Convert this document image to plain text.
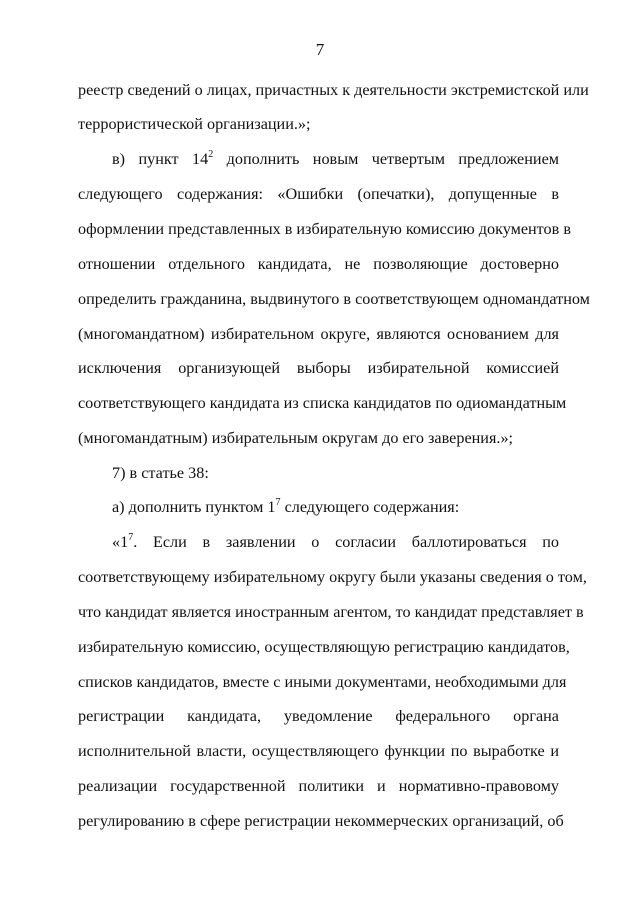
7
реестр сведений о лицах, причастных к деятельности экстремистской или
террористической организации.»;
в) пункт $14^2$ дополнить новым четвертым предложением
следующего содержания: «Ошибки (опечатки), допущенные в
оформлении представленных в избирательную комиссию документов в
отношении отдельного кандидата, не позволяющие достоверно
определить гражданина, выдвинутого в соответствующем одномандатном
(многомандатном) избирательном округе, являются основанием для
исключения организующей выборы избирательной комиссией
соответствующего кандидата из списка кандидатов по одиомандатным
(многомандатным) избирательным округам до его заверения.»;
7) в статье 38:
а) дополнить пунктом $1^7$ следующего содержания:
«$1^7$. Если в заявлении о согласии баллотироваться по
соответствующему избирательному округу были указаны сведения о том,
что кандидат является иностранным агентом, то кандидат представляет в
избирательную комиссию, осуществляющую регистрацию кандидатов,
списков кандидатов, вместе с иными документами, необходимыми для
регистрации кандидата, уведомление федерального органа
исполнительной власти, осуществляющего функции по выработке и
реализации государственной политики и нормативно-правовому
регулированию в сфере регистрации некоммерческих организаций, об
